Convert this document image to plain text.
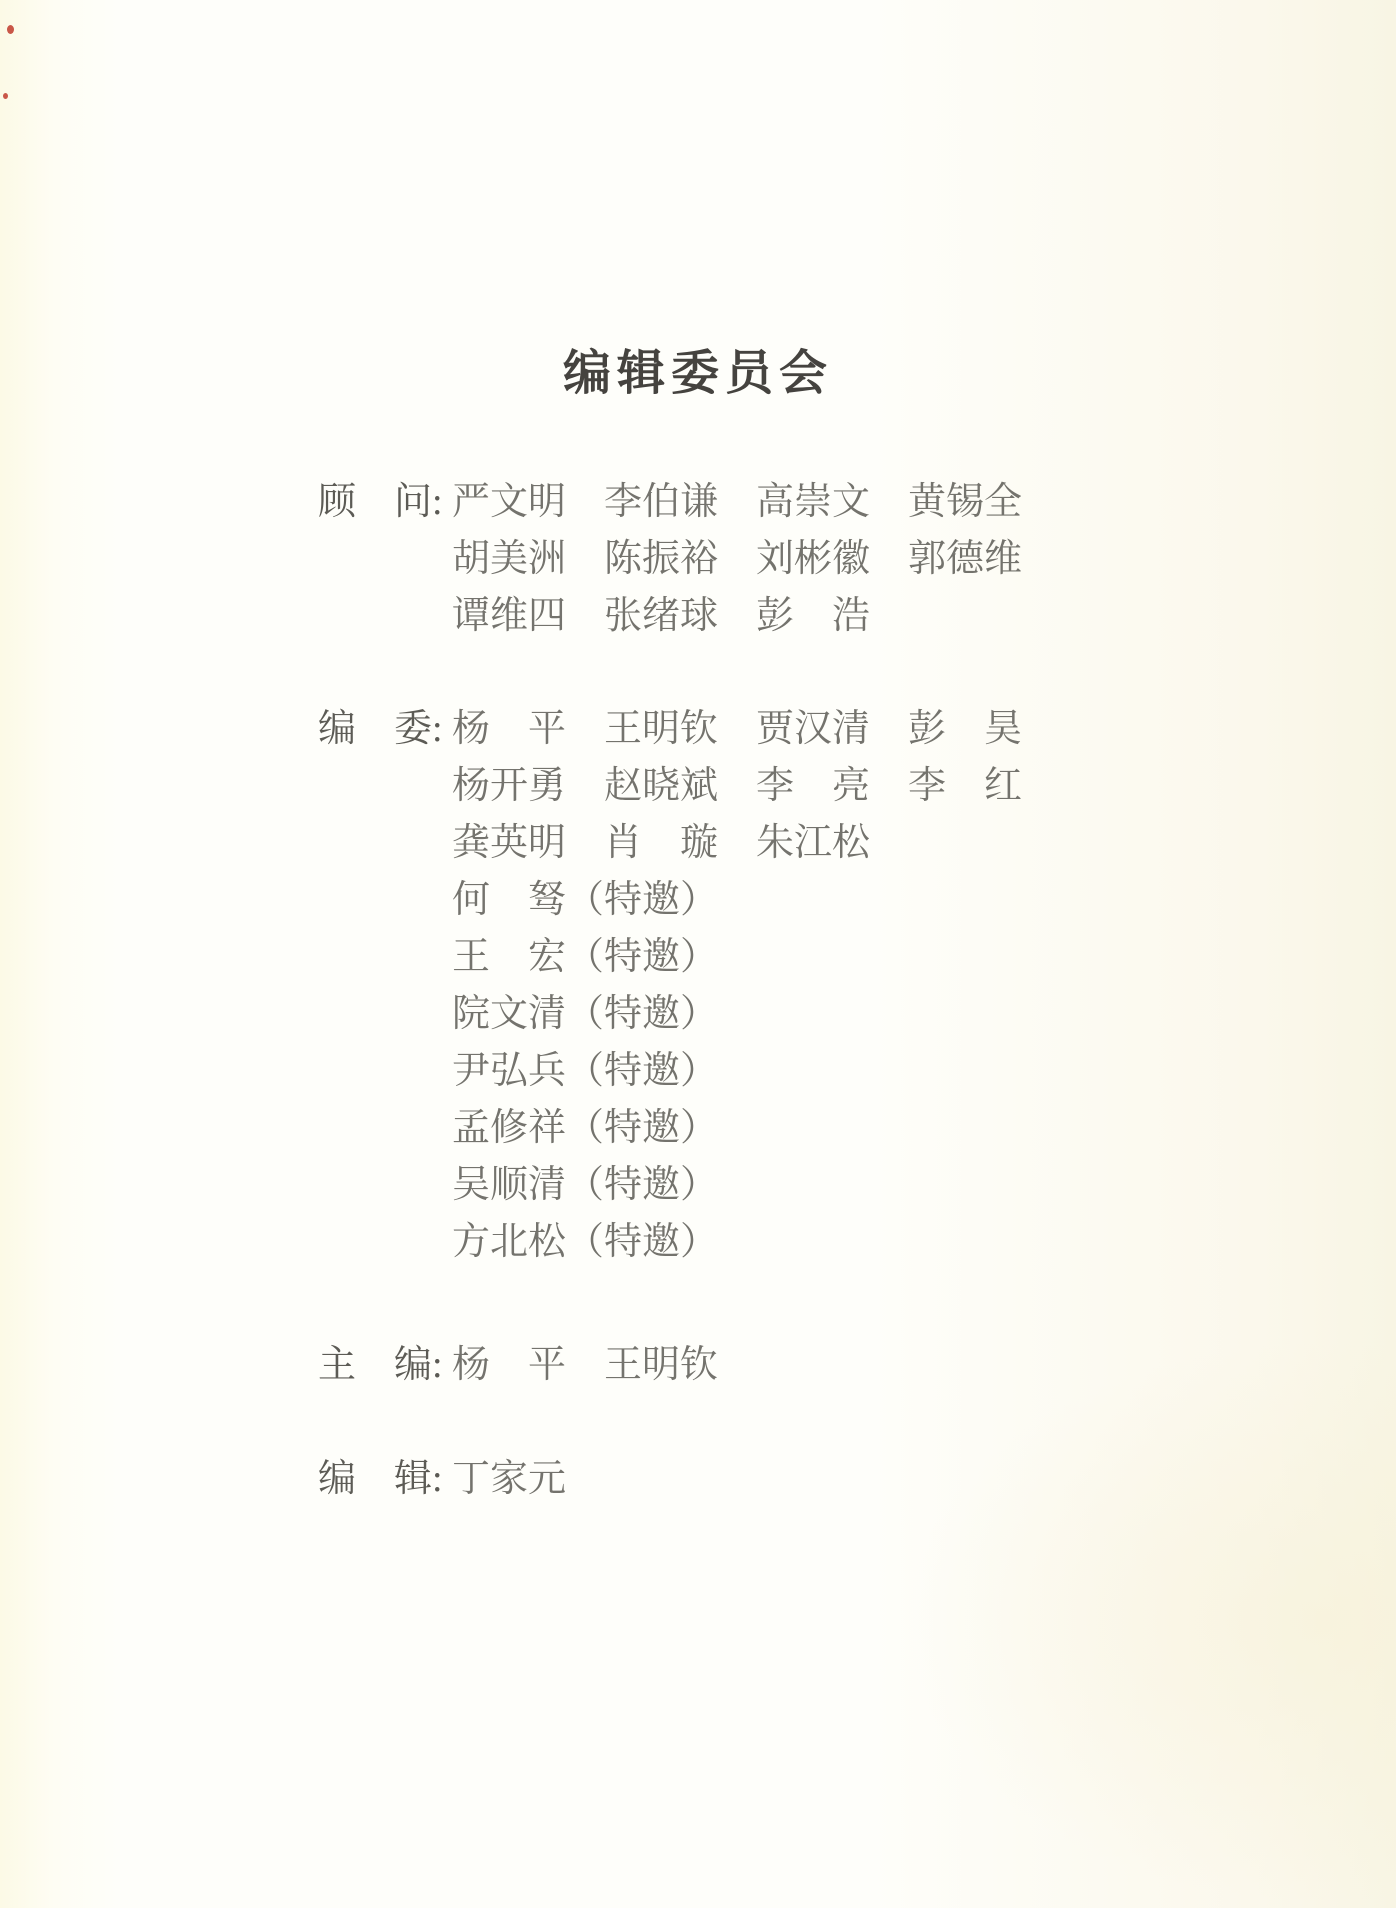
编辑委员会
顾　问: 严文明　李伯谦　高崇文　黄锡全
胡美洲　陈振裕　刘彬徽　郭德维
谭维四　张绪球　彭　浩
编　委: 杨　平　王明钦　贾汉清　彭　昊
杨开勇　赵晓斌　李　亮　李　红
龚英明　肖　璇　朱江松
何　驽（特邀）
王　宏（特邀）
院文清（特邀）
尹弘兵（特邀）
孟修祥（特邀）
吴顺清（特邀）
方北松（特邀）
主　编: 杨　平　王明钦
编　辑: 丁家元
